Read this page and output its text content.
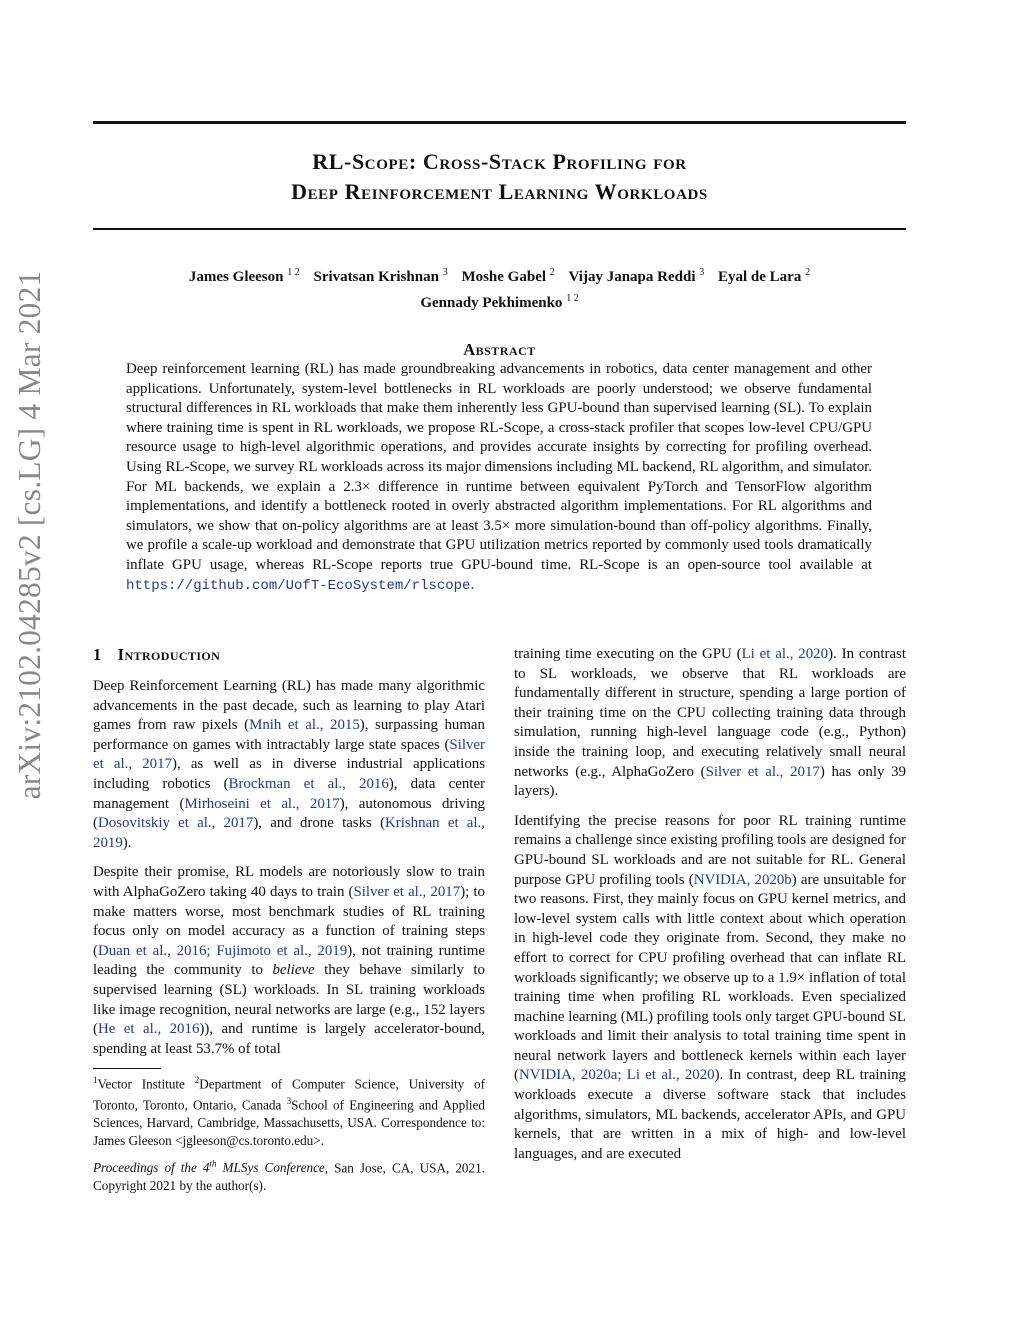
arXiv:2102.04285v2 [cs.LG] 4 Mar 2021
RL-Scope: Cross-Stack Profiling for
Deep Reinforcement Learning Workloads
James Gleeson $^{1 2}$ Srivatsan Krishnan $^3$ Moshe Gabel $^2$ Vijay Janapa Reddi $^3$ Eyal de Lara $^2$
Gennady Pekhimenko $^{1 2}$
Abstract
Deep reinforcement learning (RL) has made groundbreaking advancements in robotics, data center management and other applications. Unfortunately, system-level bottlenecks in RL workloads are poorly understood; we observe fundamental structural differences in RL workloads that make them inherently less GPU-bound than supervised learning (SL). To explain where training time is spent in RL workloads, we propose RL-Scope, a cross-stack profiler that scopes low-level CPU/GPU resource usage to high-level algorithmic operations, and provides accurate insights by correcting for profiling overhead. Using RL-Scope, we survey RL workloads across its major dimensions including ML backend, RL algorithm, and simulator. For ML backends, we explain a 2.3× difference in runtime between equivalent PyTorch and TensorFlow algorithm implementations, and identify a bottleneck rooted in overly abstracted algorithm implementations. For RL algorithms and simulators, we show that on-policy algorithms are at least 3.5× more simulation-bound than off-policy algorithms. Finally, we profile a scale-up workload and demonstrate that GPU utilization metrics reported by commonly used tools dramatically inflate GPU usage, whereas RL-Scope reports true GPU-bound time. RL-Scope is an open-source tool available at https://github.com/UofT-EcoSystem/rlscope.
1 Introduction

Deep Reinforcement Learning (RL) has made many algorithmic advancements in the past decade, such as learning to play Atari games from raw pixels (Mnih et al., 2015), surpassing human performance on games with intractably large state spaces (Silver et al., 2017), as well as in diverse industrial applications including robotics (Brockman et al., 2016), data center management (Mirhoseini et al., 2017), autonomous driving (Dosovitskiy et al., 2017), and drone tasks (Krishnan et al., 2019).

Despite their promise, RL models are notoriously slow to train with AlphaGoZero taking 40 days to train (Silver et al., 2017); to make matters worse, most benchmark studies of RL training focus only on model accuracy as a function of training steps (Duan et al., 2016; Fujimoto et al., 2019), not training runtime leading the community to believe they behave similarly to supervised learning (SL) workloads. In SL training workloads like image recognition, neural networks are large (e.g., 152 layers (He et al., 2016)), and runtime is largely accelerator-bound, spending at least 53.7% of total

$^1$Vector Institute $^2$Department of Computer Science, University of Toronto, Toronto, Ontario, Canada $^3$School of Engineering and Applied Sciences, Harvard, Cambridge, Massachusetts, USA. Correspondence to: James Gleeson <jgleeson@cs.toronto.edu>.
Proceedings of the 4th MLSys Conference, San Jose, CA, USA, 2021. Copyright 2021 by the author(s).

training time executing on the GPU (Li et al., 2020). In contrast to SL workloads, we observe that RL workloads are fundamentally different in structure, spending a large portion of their training time on the CPU collecting training data through simulation, running high-level language code (e.g., Python) inside the training loop, and executing relatively small neural networks (e.g., AlphaGoZero (Silver et al., 2017) has only 39 layers).

Identifying the precise reasons for poor RL training runtime remains a challenge since existing profiling tools are designed for GPU-bound SL workloads and are not suitable for RL. General purpose GPU profiling tools (NVIDIA, 2020b) are unsuitable for two reasons. First, they mainly focus on GPU kernel metrics, and low-level system calls with little context about which operation in high-level code they originate from. Second, they make no effort to correct for CPU profiling overhead that can inflate RL workloads significantly; we observe up to a 1.9× inflation of total training time when profiling RL workloads. Even specialized machine learning (ML) profiling tools only target GPU-bound SL workloads and limit their analysis to total training time spent in neural network layers and bottleneck kernels within each layer (NVIDIA, 2020a; Li et al., 2020). In contrast, deep RL training workloads execute a diverse software stack that includes algorithms, simulators, ML backends, accelerator APIs, and GPU kernels, that are written in a mix of high- and low-level languages, and are executed
